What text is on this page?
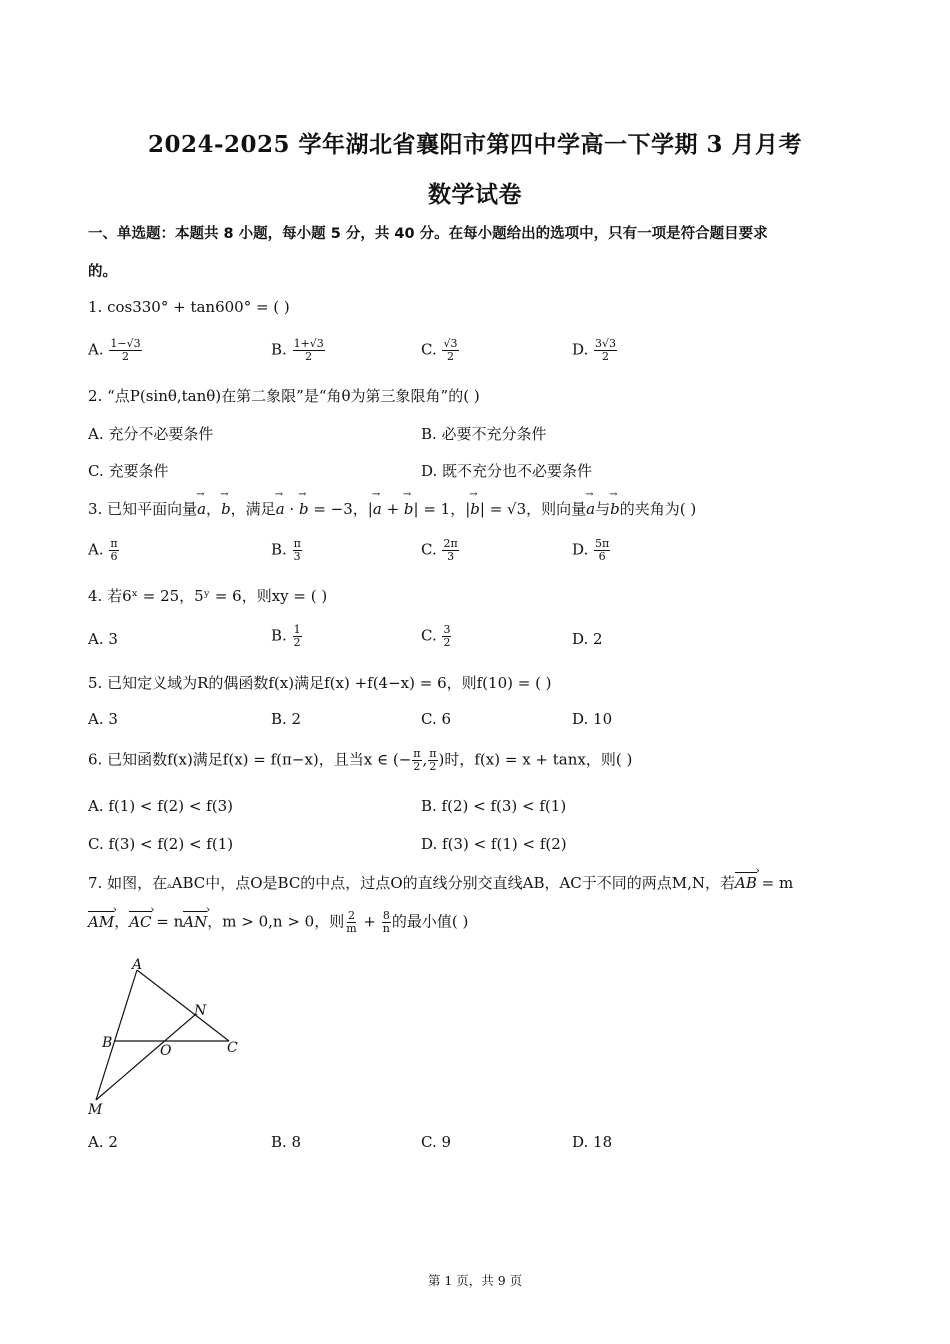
2024-2025 学年湖北省襄阳市第四中学高一下学期 3 月月考
数学试卷
一、单选题：本题共 8 小题，每小题 5 分，共 40 分。在每小题给出的选项中，只有一项是符合题目要求
的。
1. cos330° + tan600° = ( )
A. $\frac{1-√3}{2}$	B. $\frac{1+√3}{2}$	C. $\frac{√3}{2}$	D. $\frac{3√3}{2}$
2. “点P(sinθ,tanθ)在第二象限”是“角θ为第三象限角”的( )
A. 充分不必要条件	B. 必要不充分条件
C. 充要条件	D. 既不充分也不必要条件
3. 已知平面向量→ a，→ b，满足→ a · → b = −3，|→ a + → b| = 1，|→ b| = √3，则向量→ a与→ b的夹角为( )
A. $\frac{\pi}{6}$	B. $\frac{\pi}{3}$	C. $\frac{2\pi}{3}$	D. $\frac{5\pi}{6}$
4. 若6ˣ = 25，5ʸ = 6，则xy = ( )
A. 3	B. $\frac{1}{2}$	C. $\frac{3}{2}$	D. 2
5. 已知定义域为R的偶函数f(x)满足f(x) +f(4−x) = 6，则f(10) = ( )
A. 3	B. 2	C. 6	D. 10
6. 已知函数f(x)满足f(x) = f(π−x)，且当x ∈ (− $\frac{\pi}{2}$ , $\frac{\pi}{2}$ )时，f(x) = x + tanx，则( )
A. f(1) < f(2) < f(3)	B. f(2) < f(3) < f(1)
C. f(3) < f(2) < f(1)	D. f(3) < f(1) < f(2)
7. 如图，在▵ABC中，点O是BC的中点，过点O的直线分别交直线AB，AC于不同的两点M,N，若AB › = m
AM ›，AC › = nAN ›，m > 0,n > 0，则 $\frac{2}{m} + \frac{8}{n}$ 的最小值( )
A
N
B	O	C
M
A. 2	B. 8	C. 9	D. 18
第 1 页，共 9 页
